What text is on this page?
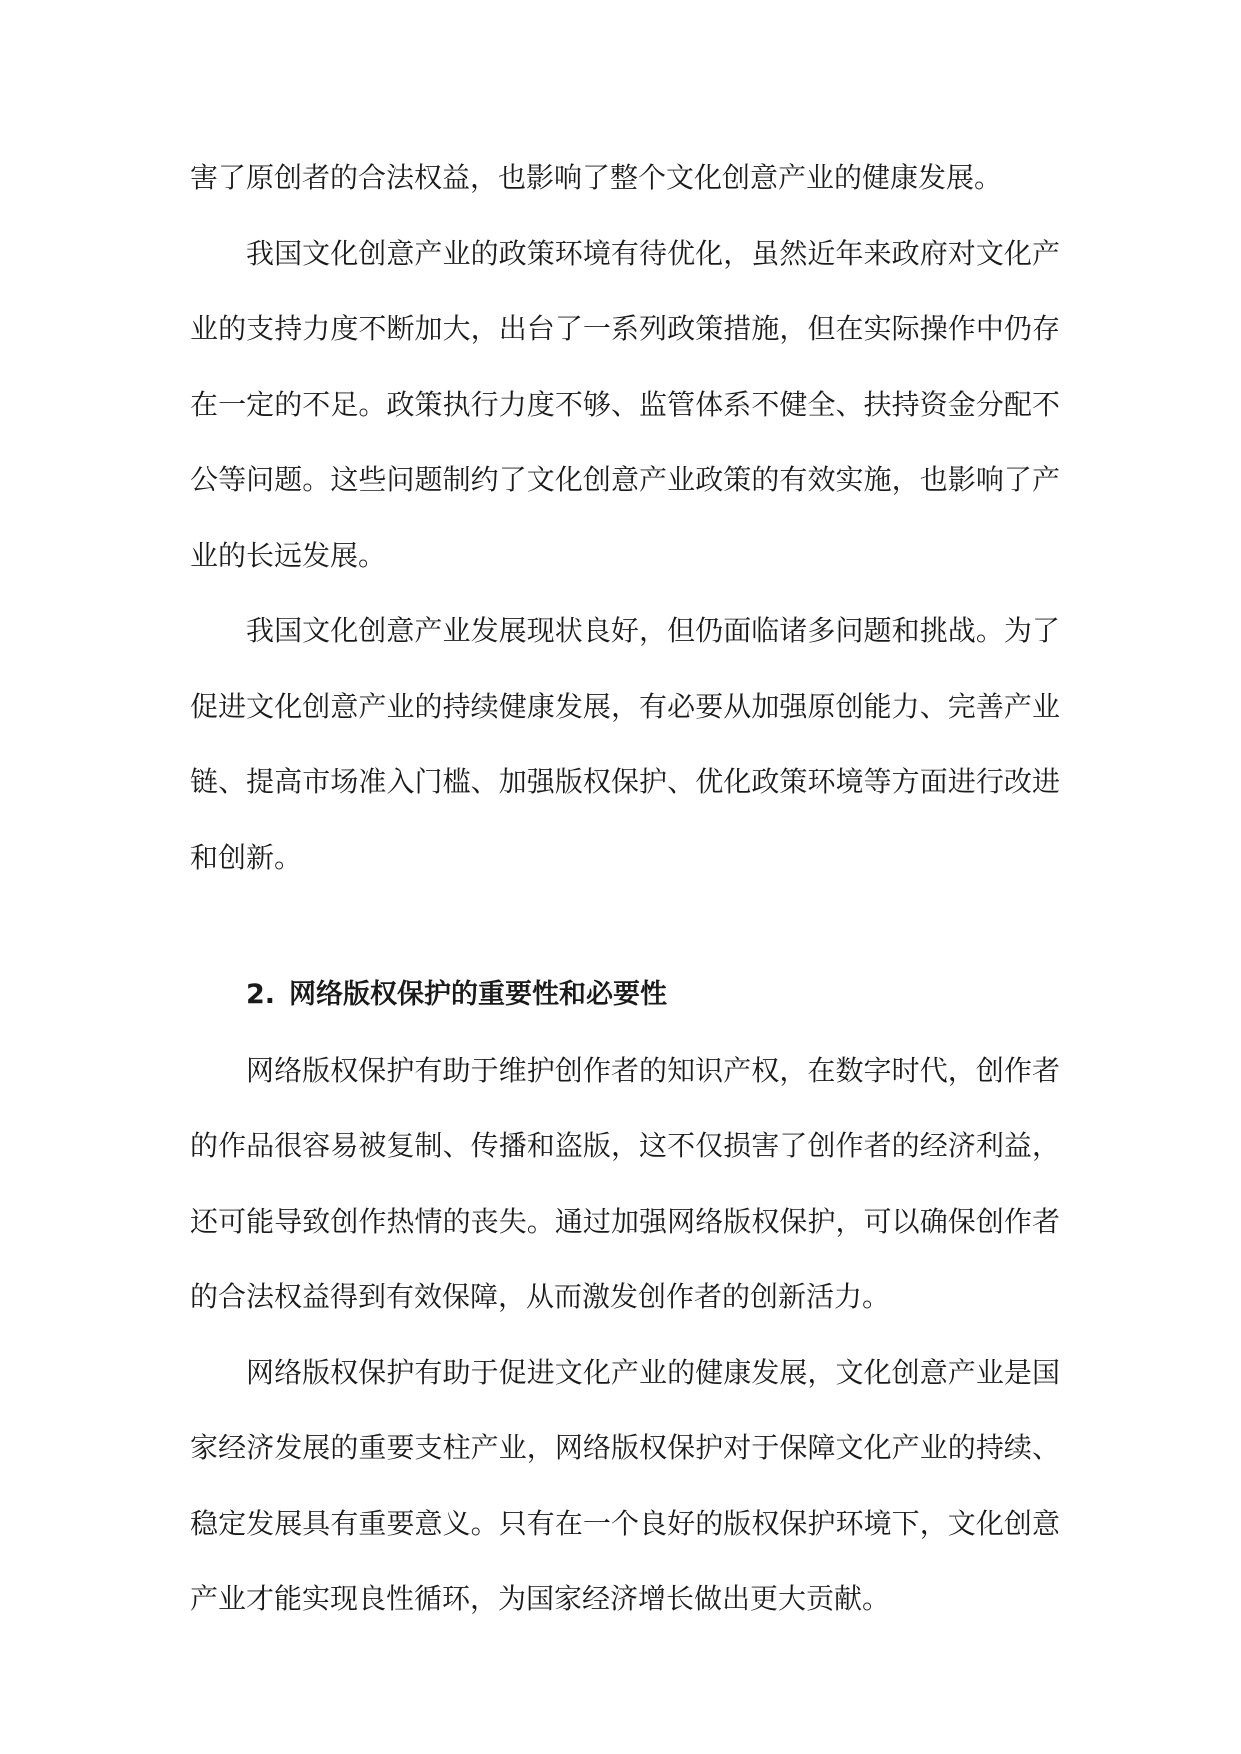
害了原创者的合法权益，也影响了整个文化创意产业的健康发展。

我国文化创意产业的政策环境有待优化，虽然近年来政府对文化产业的支持力度不断加大，出台了一系列政策措施，但在实际操作中仍存在一定的不足。政策执行力度不够、监管体系不健全、扶持资金分配不公等问题。这些问题制约了文化创意产业政策的有效实施，也影响了产业的长远发展。

我国文化创意产业发展现状良好，但仍面临诸多问题和挑战。为了促进文化创意产业的持续健康发展，有必要从加强原创能力、完善产业链、提高市场准入门槛、加强版权保护、优化政策环境等方面进行改进和创新。

2. 网络版权保护的重要性和必要性

网络版权保护有助于维护创作者的知识产权，在数字时代，创作者的作品很容易被复制、传播和盗版，这不仅损害了创作者的经济利益，还可能导致创作热情的丧失。通过加强网络版权保护，可以确保创作者的合法权益得到有效保障，从而激发创作者的创新活力。

网络版权保护有助于促进文化产业的健康发展，文化创意产业是国家经济发展的重要支柱产业，网络版权保护对于保障文化产业的持续、稳定发展具有重要意义。只有在一个良好的版权保护环境下，文化创意产业才能实现良性循环，为国家经济增长做出更大贡献。
